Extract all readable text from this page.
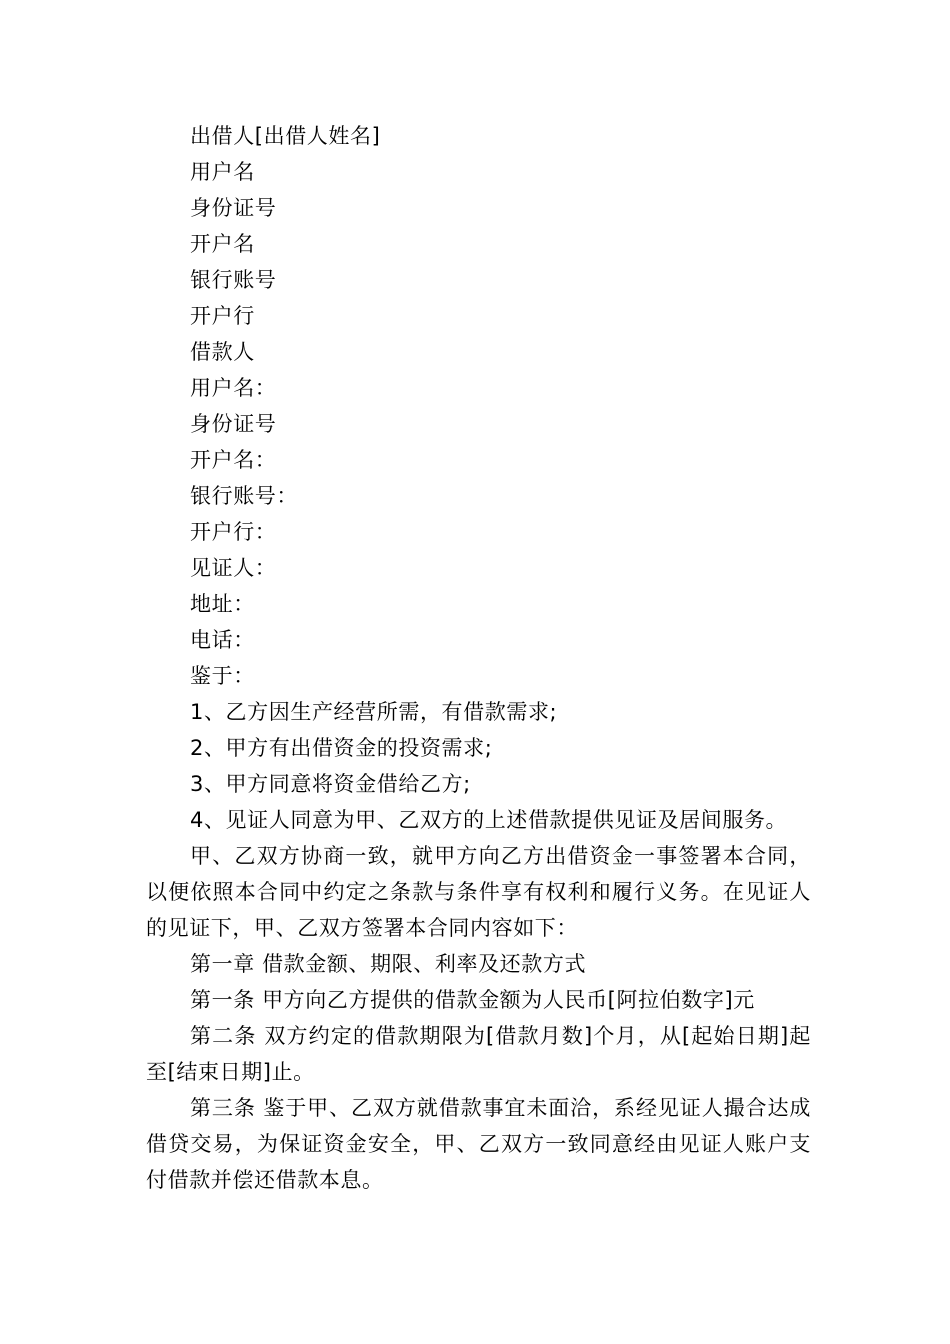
出借人[出借人姓名]
用户名
身份证号
开户名
银行账号
开户行
借款人
用户名：
身份证号
开户名：
银行账号：
开户行：
见证人：
地址：
电话：
鉴于：
1、乙方因生产经营所需，有借款需求;
2、甲方有出借资金的投资需求;
3、甲方同意将资金借给乙方;
4、见证人同意为甲、乙双方的上述借款提供见证及居间服务。

甲、乙双方协商一致，就甲方向乙方出借资金一事签署本合同，以便依照本合同中约定之条款与条件享有权利和履行义务。在见证人的见证下，甲、乙双方签署本合同内容如下：

第一章 借款金额、期限、利率及还款方式

第一条 甲方向乙方提供的借款金额为人民币[阿拉伯数字]元

第二条 双方约定的借款期限为[借款月数]个月，从[起始日期]起至[结束日期]止。

第三条 鉴于甲、乙双方就借款事宜未面洽，系经见证人撮合达成借贷交易，为保证资金安全，甲、乙双方一致同意经由见证人账户支付借款并偿还借款本息。
